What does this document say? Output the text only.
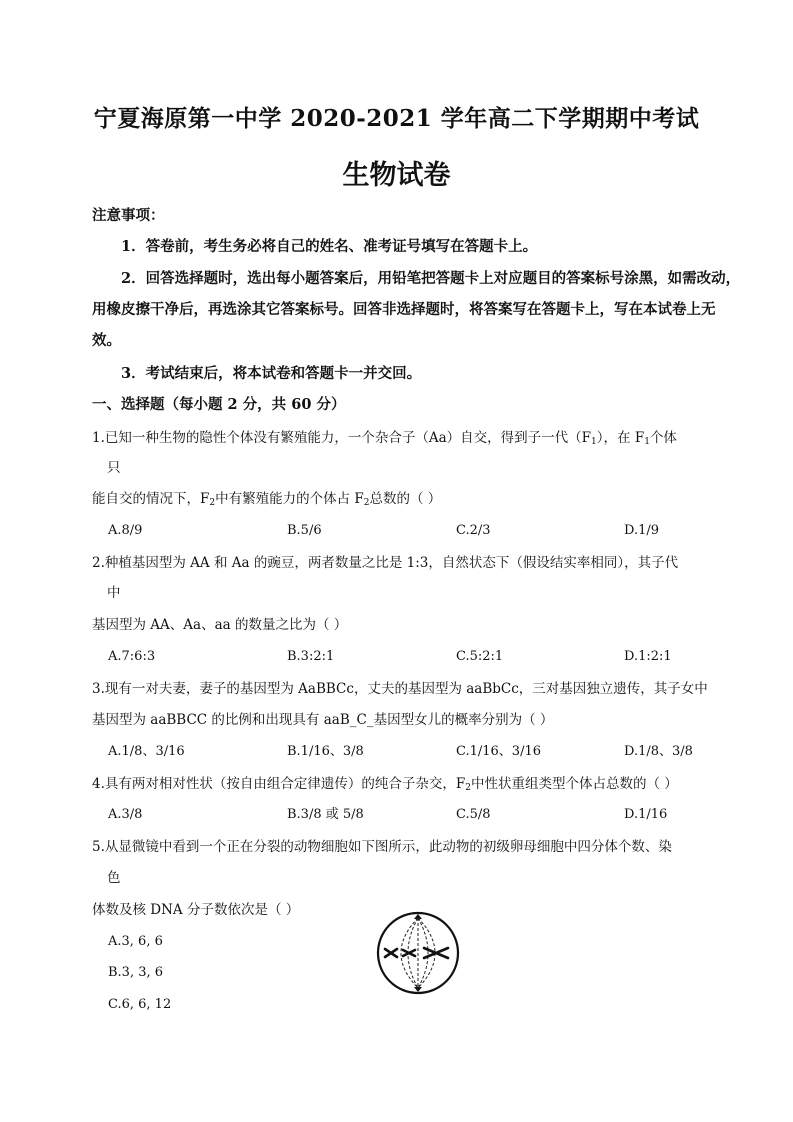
宁夏海原第一中学 2020-2021 学年高二下学期期中考试
生物试卷
注意事项：
1．答卷前，考生务必将自己的姓名、准考证号填写在答题卡上。
2．回答选择题时，选出每小题答案后，用铅笔把答题卡上对应题目的答案标号涂黑，如需改动，
用橡皮擦干净后，再选涂其它答案标号。回答非选择题时，将答案写在答题卡上，写在本试卷上无
效。
3．考试结束后，将本试卷和答题卡一并交回。
一、选择题（每小题 2 分，共 60 分）
1.已知一种生物的隐性个体没有繁殖能力，一个杂合子（Aa）自交，得到子一代$(F_1)$，在 $F_1$个体
只
能自交的情况下，$F_2$中有繁殖能力的个体占 $F_2$总数的（ ）
A.8/9	B.5/6	C.2/3	D.1/9
2.种植基因型为 AA 和 Aa 的豌豆，两者数量之比是 1:3，自然状态下（假设结实率相同），其子代
中
基因型为 AA、Aa、aa 的数量之比为（ ）
A.7:6:3	B.3:2:1	C.5:2:1	D.1:2:1
3.现有一对夫妻，妻子的基因型为 AaBBCc，丈夫的基因型为 aaBbCc，三对基因独立遗传，其子女中
基因型为 aaBBCC 的比例和出现具有 aaB_C_基因型女儿的概率分别为（ ）
A.1/8、3/16	B.1/16、3/8	C.1/16、3/16	D.1/8、3/8
4.具有两对相对性状（按自由组合定律遗传）的纯合子杂交，$F_2$中性状重组类型个体占总数的（ ）
A.3/8	B.3/8 或 5/8	C.5/8	D.1/16
5.从显微镜中看到一个正在分裂的动物细胞如下图所示，此动物的初级卵母细胞中四分体个数、染
色
体数及核 DNA 分子数依次是（ ）
A.3, 6, 6
B.3, 3, 6
C.6, 6, 12
